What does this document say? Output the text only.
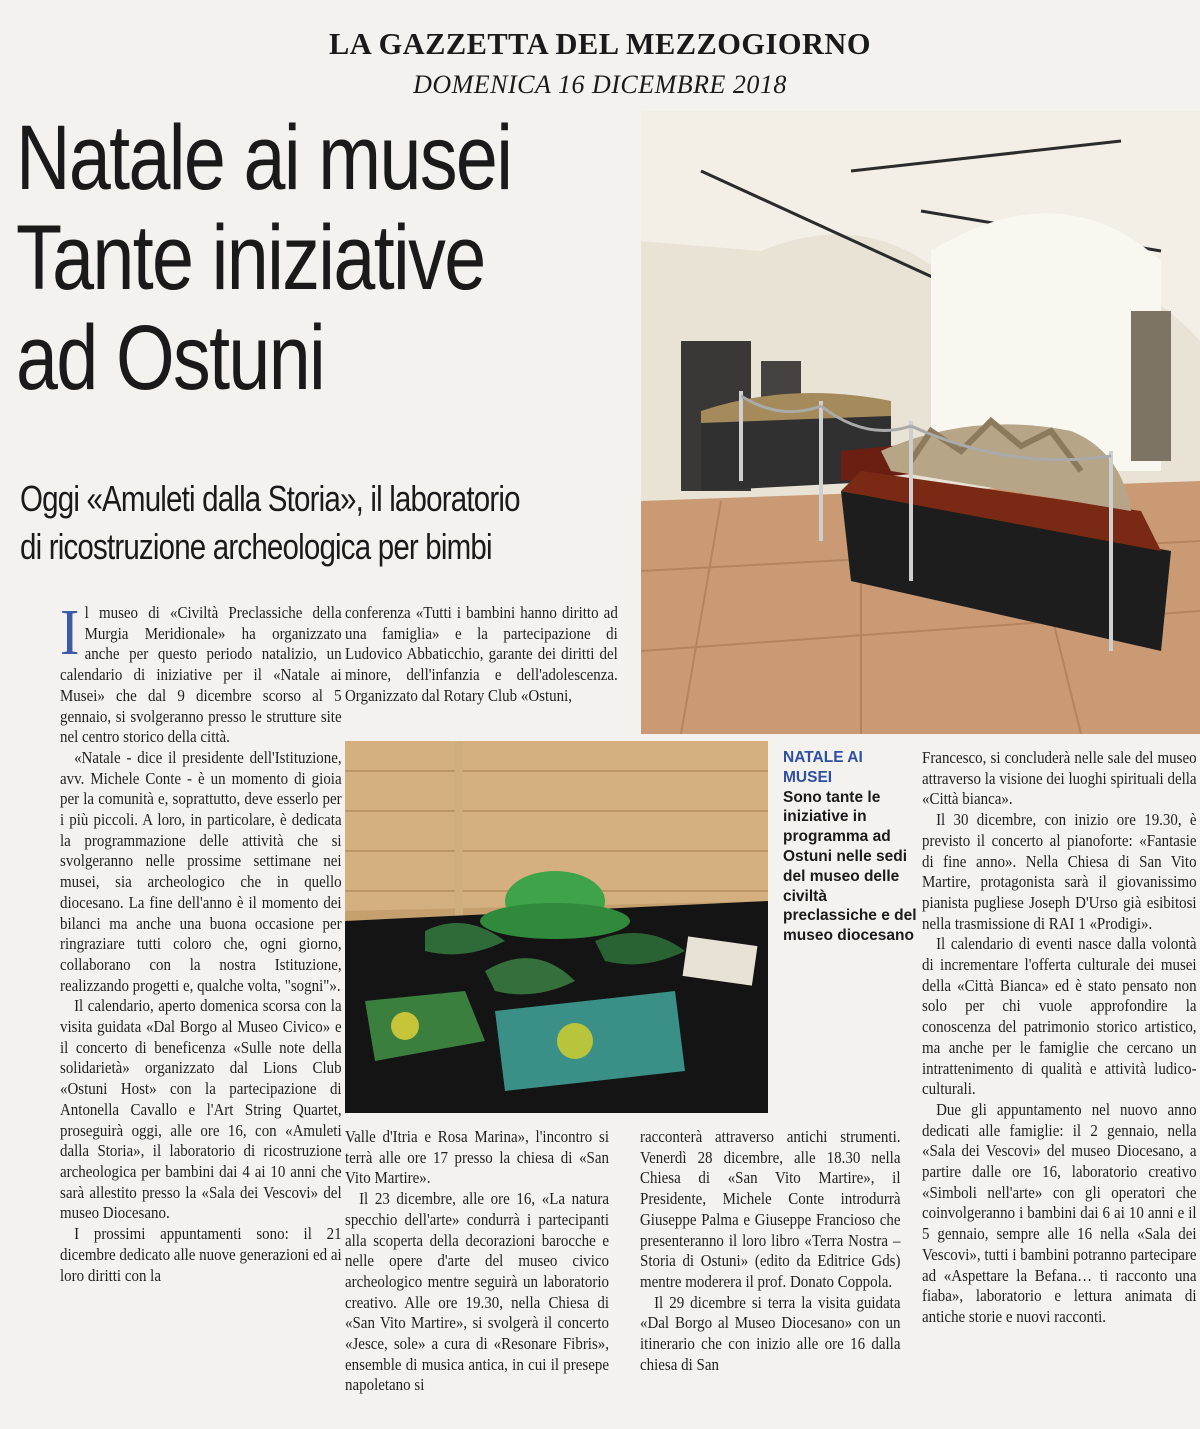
LA GAZZETTA DEL MEZZOGIORNO
DOMENICA 16 DICEMBRE 2018
Natale ai musei
Tante iniziative
ad Ostuni
Oggi «Amuleti dalla Storia», il laboratorio
di ricostruzione archeologica per bimbi
NATALE AI
MUSEI
Sono tante le iniziative in programma ad Ostuni nelle sedi del museo delle civiltà preclassiche e del museo diocesano

Il museo di «Civiltà Preclassiche della Murgia Meridionale» ha organizzato anche per questo periodo natalizio, un calendario di iniziative per il «Natale ai Musei» che dal 9 dicembre scorso al 5 gennaio, si svolgeranno presso le strutture site nel centro storico della città.

«Natale - dice il presidente dell'Istituzione, avv. Michele Conte - è un momento di gioia per la comunità e, soprattutto, deve esserlo per i più piccoli. A loro, in particolare, è dedicata la programmazione delle attività che si svolgeranno nelle prossime settimane nei musei, sia archeologico che in quello diocesano. La fine dell'anno è il momento dei bilanci ma anche una buona occasione per ringraziare tutti coloro che, ogni giorno, collaborano con la nostra Istituzione, realizzando progetti e, qualche volta, "sogni"».

Il calendario, aperto domenica scorsa con la visita guidata «Dal Borgo al Museo Civico» e il concerto di beneficenza «Sulle note della solidarietà» organizzato dal Lions Club «Ostuni Host» con la partecipazione di Antonella Cavallo e l'Art String Quartet, proseguirà oggi, alle ore 16, con «Amuleti dalla Storia», il laboratorio di ricostruzione archeologica per bambini dai 4 ai 10 anni che sarà allestito presso la «Sala dei Vescovi» del museo Diocesano.

I prossimi appuntamenti sono: il 21 dicembre dedicato alle nuove generazioni ed ai loro diritti con la

conferenza «Tutti i bambini hanno diritto ad una famiglia» e la partecipazione di Ludovico Abbaticchio, garante dei diritti del minore, dell'infanzia e dell'adolescenza. Organizzato dal Rotary Club «Ostuni,

Valle d'Itria e Rosa Marina», l'incontro si terrà alle ore 17 presso la chiesa di «San Vito Martire».

Il 23 dicembre, alle ore 16, «La natura specchio dell'arte» condurrà i partecipanti alla scoperta della decorazioni barocche e nelle opere d'arte del museo civico archeologico mentre seguirà un laboratorio creativo. Alle ore 19.30, nella Chiesa di «San Vito Martire», si svolgerà il concerto «Jesce, sole» a cura di «Resonare Fibris», ensemble di musica antica, in cui il presepe napoletano si

racconterà attraverso antichi strumenti. Venerdì 28 dicembre, alle 18.30 nella Chiesa di «San Vito Martire», il Presidente, Michele Conte introdurrà Giuseppe Palma e Giuseppe Francioso che presenteranno il loro libro «Terra Nostra – Storia di Ostuni» (edito da Editrice Gds) mentre moderera il prof. Donato Coppola.

Il 29 dicembre si terra la visita guidata «Dal Borgo al Museo Diocesano» con un itinerario che con inizio alle ore 16 dalla chiesa di San

Francesco, si concluderà nelle sale del museo attraverso la visione dei luoghi spirituali della «Città bianca».

Il 30 dicembre, con inizio ore 19.30, è previsto il concerto al pianoforte: «Fantasie di fine anno». Nella Chiesa di San Vito Martire, protagonista sarà il giovanissimo pianista pugliese Joseph D'Urso già esibitosi nella trasmissione di RAI 1 «Prodigi».

Il calendario di eventi nasce dalla volontà di incrementare l'offerta culturale dei musei della «Città Bianca» ed è stato pensato non solo per chi vuole approfondire la conoscenza del patrimonio storico artistico, ma anche per le famiglie che cercano un intrattenimento di qualità e attività ludico-culturali.

Due gli appuntamento nel nuovo anno dedicati alle famiglie: il 2 gennaio, nella «Sala dei Vescovi» del museo Diocesano, a partire dalle ore 16, laboratorio creativo «Simboli nell'arte» con gli operatori che coinvolgeranno i bambini dai 6 ai 10 anni e il 5 gennaio, sempre alle 16 nella «Sala dei Vescovi», tutti i bambini potranno partecipare ad «Aspettare la Befana… ti racconto una fiaba», laboratorio e lettura animata di antiche storie e nuovi racconti.
